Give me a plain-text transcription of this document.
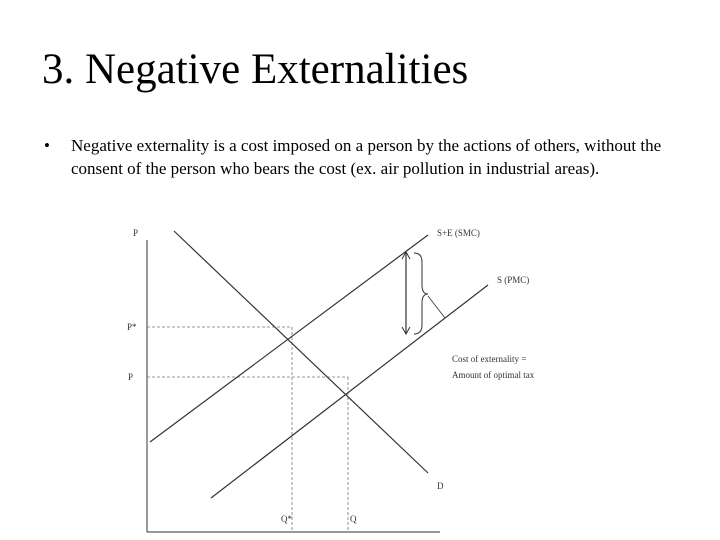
3. Negative Externalities
• Negative externality is a cost imposed on a person by the actions of others, without the consent of the person who bears the cost (ex. air pollution in industrial areas).
P
P*
P
Q*	Q
S+E (SMC)
S (PMC)
D
Cost of externality =
Amount of optimal tax
